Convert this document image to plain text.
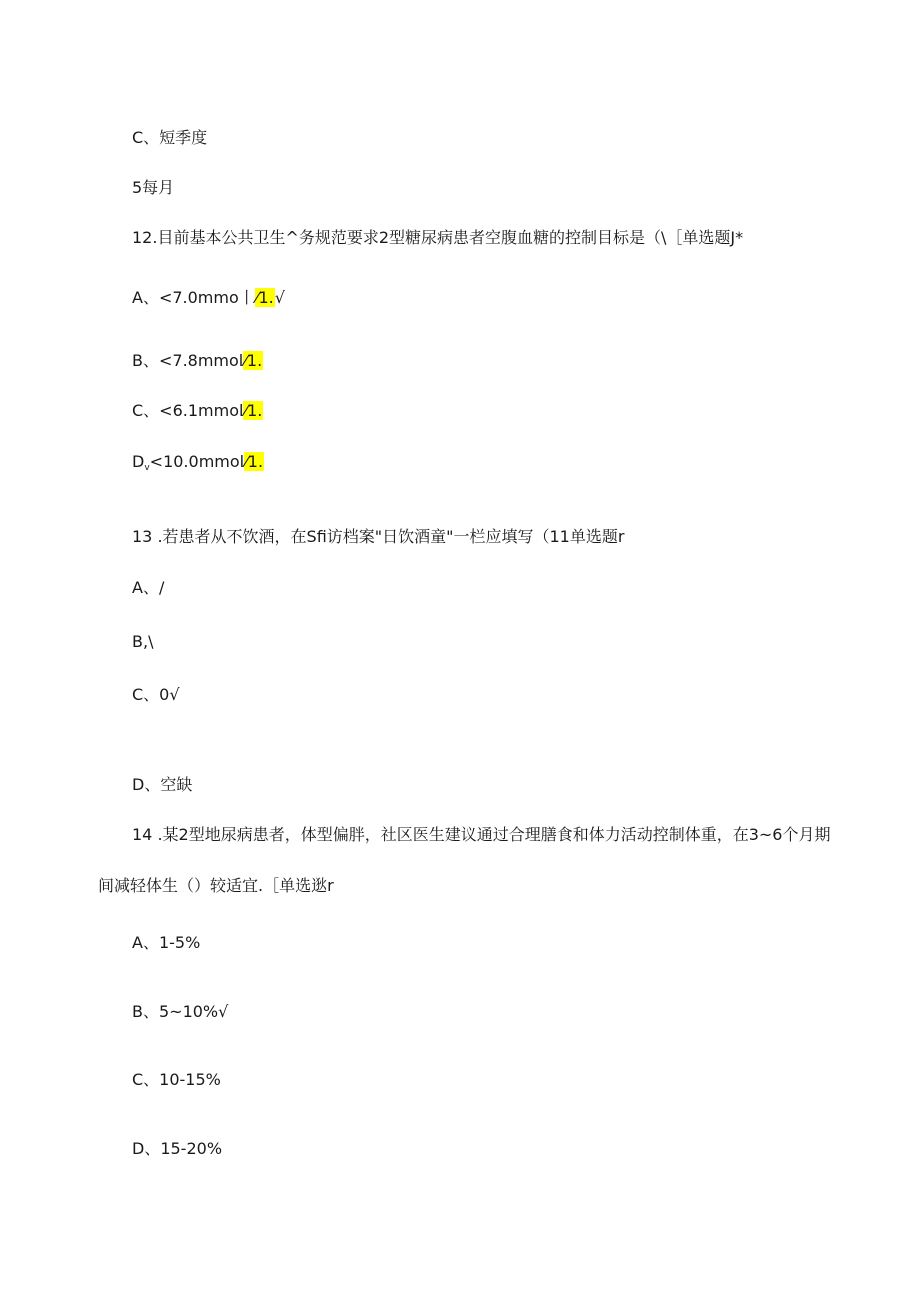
C、短季度
5每月
12.目前基本公共卫生^务规范要求2型糖尿病患者空腹血糖的控制目标是（\［单选题J*
A、<7.0mmo丨⁄1.√
B、<7.8mmol⁄1.
C、<6.1mmol⁄1.
$D_v<10.0mmol⁄1$.
13 .若患者从不饮酒，在Sfi访档案"日饮酒童"一栏应填写（11单选题r
A、/
B,\
C、0√
D、空缺
14 .某2型地尿病患者，体型偏胖，社区医生建议通过合理膳食和体力活动控制体重，在3~6个月期
间减轻体生（）较适宜.［单选逖r
A、1-5%
B、5~10%√
C、10-15%
D、15-20%
